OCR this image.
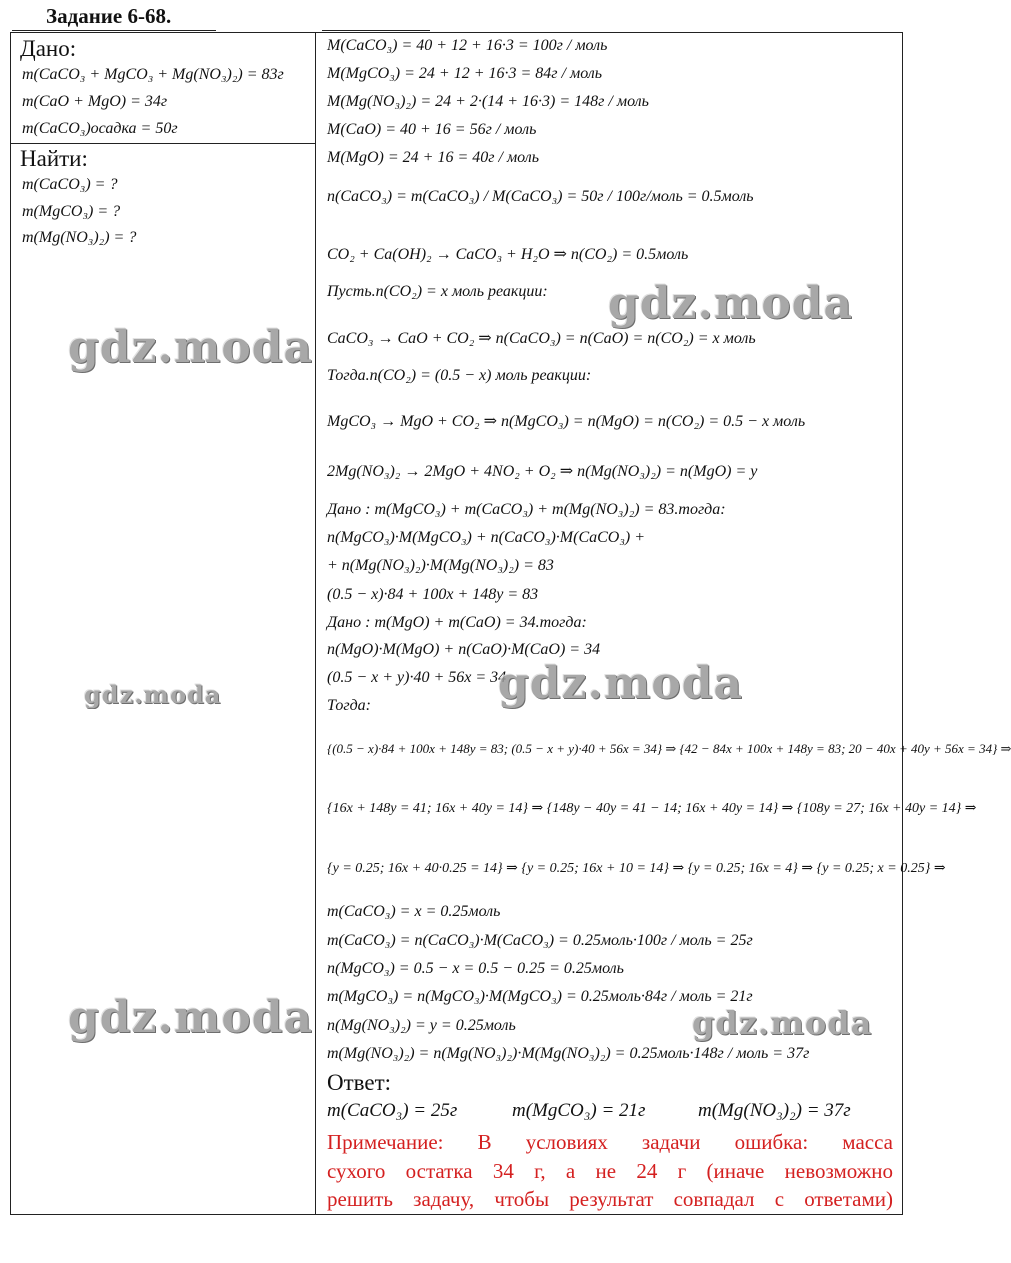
Задание 6-68.
Дано:
m(CaCO₃ + MgCO₃ + Mg(NO₃)₂) = 83г
m(CaO + MgO) = 34г
m(CaCO₃)осадка = 50г
Найти:
m(CaCO₃) = ?
m(MgCO₃) = ?
m(Mg(NO₃)₂) = ?
M(CaCO₃) = 40 + 12 + 16·3 = 100г / моль
M(MgCO₃) = 24 + 12 + 16·3 = 84г / моль
M(Mg(NO₃)₂) = 24 + 2·(14 + 16·3) = 148г / моль
M(CaO) = 40 + 16 = 56г / моль
M(MgO) = 24 + 16 = 40г / моль
n(CaCO₃) = m(CaCO₃) / M(CaCO₃) = 50г / 100г/моль = 0.5моль
CO₂ + Ca(OH)₂ → CaCO₃ + H₂O ⇒ n(CO₂) = 0.5моль
Пусть.n(CO₂) = x моль реакции:
CaCO₃ → CaO + CO₂ ⇒ n(CaCO₃) = n(CaO) = n(CO₂) = x моль
Тогда.n(CO₂) = (0.5 − x) моль реакции:
MgCO₃ → MgO + CO₂ ⇒ n(MgCO₃) = n(MgO) = n(CO₂) = 0.5 − x моль
2Mg(NO₃)₂ → 2MgO + 4NO₂ + O₂ ⇒ n(Mg(NO₃)₂) = n(MgO) = y
Дано : m(MgCO₃) + m(CaCO₃) + m(Mg(NO₃)₂) = 83.тогда:
n(MgCO₃)·M(MgCO₃) + n(CaCO₃)·M(CaCO₃) +
+ n(Mg(NO₃)₂)·M(Mg(NO₃)₂) = 83
(0.5 − x)·84 + 100x + 148y = 83
Дано : m(MgO) + m(CaO) = 34.тогда:
n(MgO)·M(MgO) + n(CaO)·M(CaO) = 34
(0.5 − x + y)·40 + 56x = 34
Тогда:
{(0.5 − x)·84 + 100x + 148y = 83; (0.5 − x + y)·40 + 56x = 34} ⇒ {42 − 84x + 100x + 148y = 83; 20 − 40x + 40y + 56x = 34} ⇒
{16x + 148y = 41; 16x + 40y = 14} ⇒ {148y − 40y = 41 − 14; 16x + 40y = 14} ⇒ {108y = 27; 16x + 40y = 14} ⇒
{y = 0.25; 16x + 40·0.25 = 14} ⇒ {y = 0.25; 16x + 10 = 14} ⇒ {y = 0.25; 16x = 4} ⇒ {y = 0.25; x = 0.25} ⇒
m(CaCO₃) = x = 0.25моль
m(CaCO₃) = n(CaCO₃)·M(CaCO₃) = 0.25моль·100г / моль = 25г
n(MgCO₃) = 0.5 − x = 0.5 − 0.25 = 0.25моль
m(MgCO₃) = n(MgCO₃)·M(MgCO₃) = 0.25моль·84г / моль = 21г
n(Mg(NO₃)₂) = y = 0.25моль
m(Mg(NO₃)₂) = n(Mg(NO₃)₂)·M(Mg(NO₃)₂) = 0.25моль·148г / моль = 37г
Ответ:
m(CaCO₃) = 25г	m(MgCO₃) = 21г	m(Mg(NO₃)₂) = 37г
Примечание: В условиях задачи ошибка: масса
сухого остатка 34 г, а не 24 г (иначе невозможно
решить задачу, чтобы результат совпадал с ответами)
gdz.moda
gdz.moda
gdz.moda	gdz.moda
gdz.moda	gdz.moda
